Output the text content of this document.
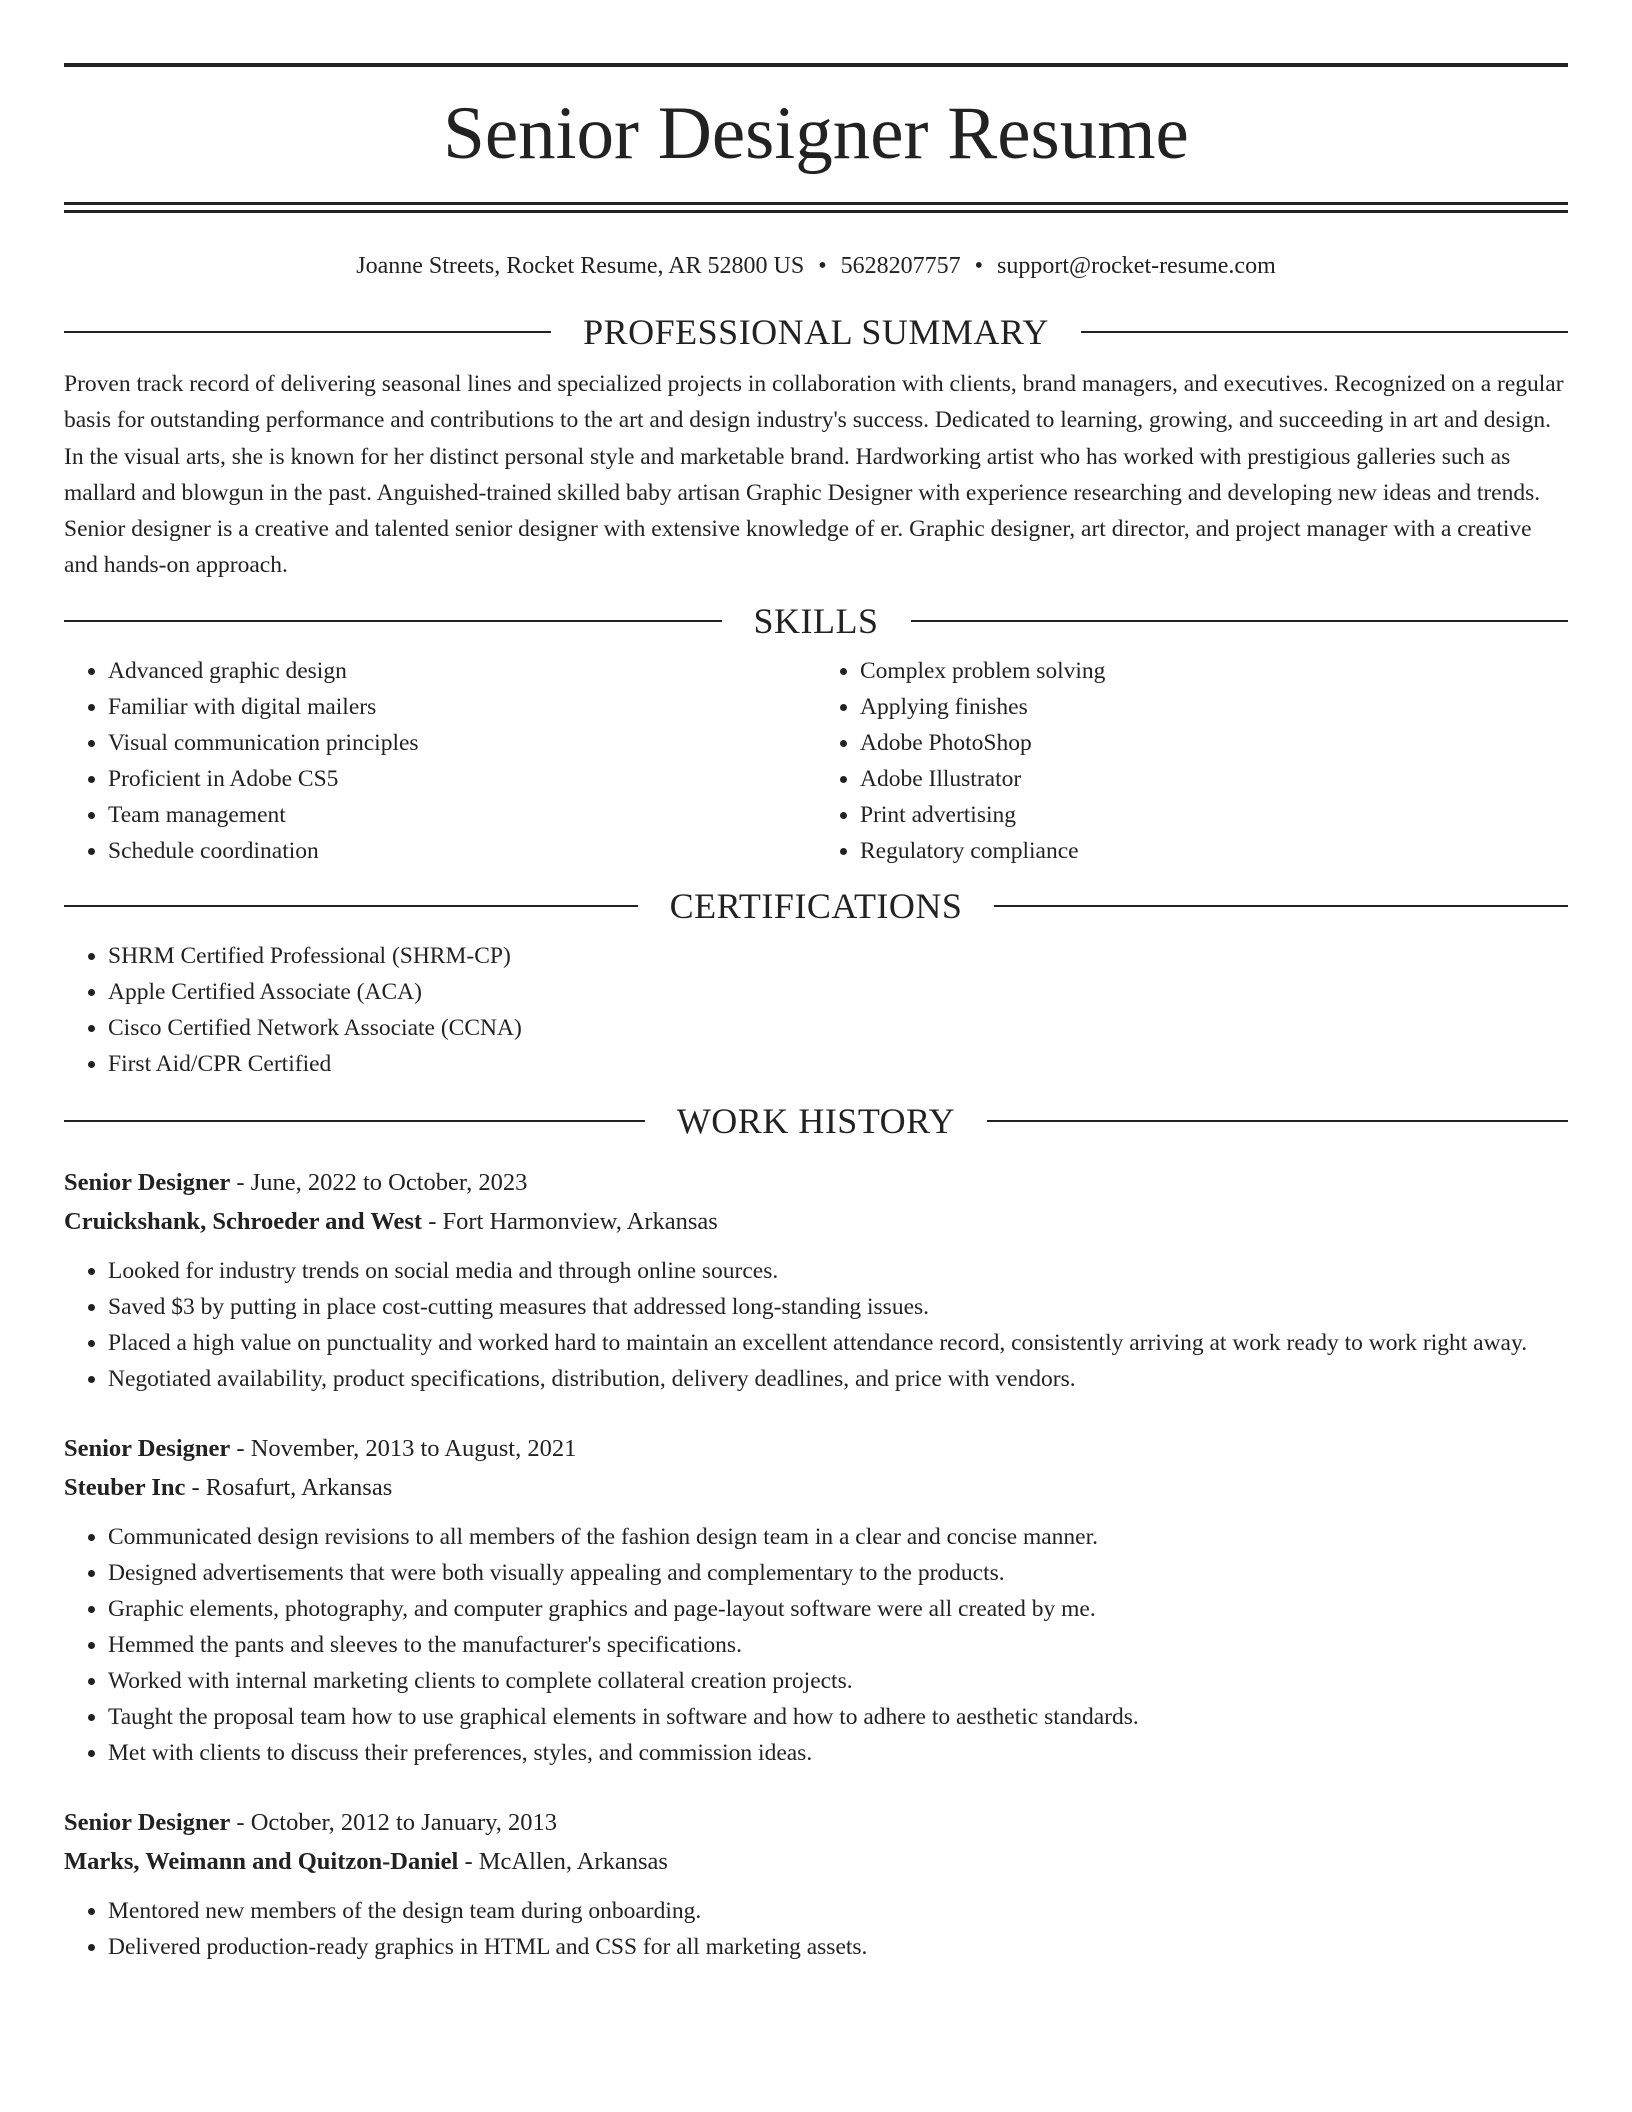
Senior Designer Resume
Joanne Streets, Rocket Resume, AR 52800 US • 5628207757 • support@rocket-resume.com
PROFESSIONAL SUMMARY

Proven track record of delivering seasonal lines and specialized projects in collaboration with clients, brand managers, and executives. Recognized on a regular basis for outstanding performance and contributions to the art and design industry's success. Dedicated to learning, growing, and succeeding in art and design. In the visual arts, she is known for her distinct personal style and marketable brand. Hardworking artist who has worked with prestigious galleries such as mallard and blowgun in the past. Anguished-trained skilled baby artisan Graphic Designer with experience researching and developing new ideas and trends. Senior designer is a creative and talented senior designer with extensive knowledge of er. Graphic designer, art director, and project manager with a creative and hands-on approach.

SKILLS
• Advanced graphic design
• Familiar with digital mailers
• Visual communication principles
• Proficient in Adobe CS5
• Team management
• Schedule coordination
• Complex problem solving
• Applying finishes
• Adobe PhotoShop
• Adobe Illustrator
• Print advertising
• Regulatory compliance
CERTIFICATIONS
• SHRM Certified Professional (SHRM-CP)
• Apple Certified Associate (ACA)
• Cisco Certified Network Associate (CCNA)
• First Aid/CPR Certified
WORK HISTORY
Senior Designer - June, 2022 to October, 2023
Cruickshank, Schroeder and West - Fort Harmonview, Arkansas
• Looked for industry trends on social media and through online sources.
• Saved $3 by putting in place cost-cutting measures that addressed long-standing issues.
• Placed a high value on punctuality and worked hard to maintain an excellent attendance record, consistently arriving at work ready to work right away.
• Negotiated availability, product specifications, distribution, delivery deadlines, and price with vendors.
Senior Designer - November, 2013 to August, 2021
Steuber Inc - Rosafurt, Arkansas
• Communicated design revisions to all members of the fashion design team in a clear and concise manner.
• Designed advertisements that were both visually appealing and complementary to the products.
• Graphic elements, photography, and computer graphics and page-layout software were all created by me.
• Hemmed the pants and sleeves to the manufacturer's specifications.
• Worked with internal marketing clients to complete collateral creation projects.
• Taught the proposal team how to use graphical elements in software and how to adhere to aesthetic standards.
• Met with clients to discuss their preferences, styles, and commission ideas.
Senior Designer - October, 2012 to January, 2013
Marks, Weimann and Quitzon-Daniel - McAllen, Arkansas
• Mentored new members of the design team during onboarding.
• Delivered production-ready graphics in HTML and CSS for all marketing assets.
